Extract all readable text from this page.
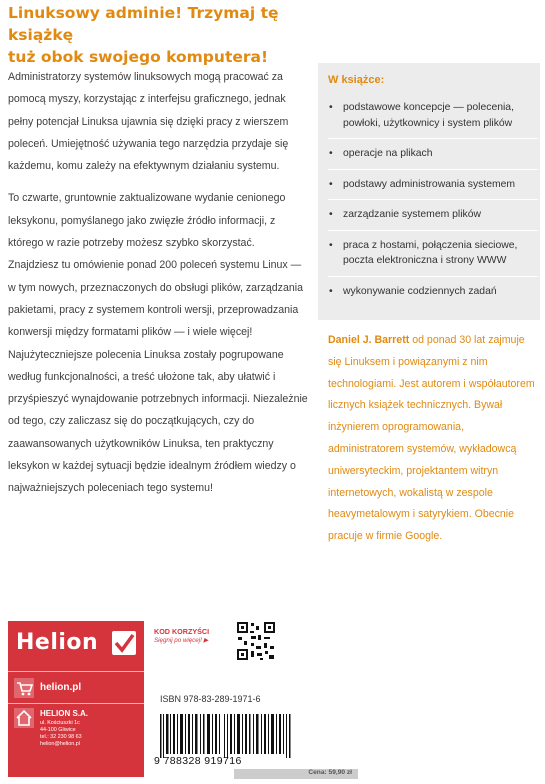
Linuksowy adminie! Trzymaj tę książkę
tuż obok swojego komputera!

Administratorzy systemów linuksowych mogą pracować za pomocą myszy, korzystając z interfejsu graficznego, jednak pełny potencjał Linuksa ujawnia się dzięki pracy z wierszem poleceń. Umiejętność używania tego narzędzia przydaje się każdemu, komu zależy na efektywnym działaniu systemu.

To czwarte, gruntownie zaktualizowane wydanie cenionego leksykonu, pomyślanego jako zwięzłe źródło informacji, z którego w razie potrzeby możesz szybko skorzystać. Znajdziesz tu omówienie ponad 200 poleceń systemu Linux — w tym nowych, przeznaczonych do obsługi plików, zarządzania pakietami, pracy z systemem kontroli wersji, przeprowadzania konwersji między formatami plików — i wiele więcej! Najużyteczniejsze polecenia Linuksa zostały pogrupowane według funkcjonalności, a treść ułożone tak, aby ułatwić i przyśpieszyć wynajdowanie potrzebnych informacji. Niezależnie od tego, czy zaliczasz się do początkujących, czy do zaawansowanych użytkowników Linuksa, ten praktyczny leksykon w każdej sytuacji będzie idealnym źródłem wiedzy o najważniejszych poleceniach tego systemu!

W książce:
• podstawowe koncepcje — polecenia, powłoki, użytkownicy i system plików
• operacje na plikach
• podstawy administrowania systemem
• zarządzanie systemem plików
• praca z hostami, połączenia sieciowe, poczta elektroniczna i strony WWW
• wykonywanie codziennych zadań
Daniel J. Barrett od ponad 30 lat zajmuje się Linuksem i powiązanymi z nim technologiami. Jest autorem i współautorem licznych książek technicznych. Bywał inżynierem oprogramowania, administratorem systemów, wykładowcą uniwersyteckim, projektantem witryn internetowych, wokalistą w zespole heavymetalowym i satyrykiem. Obecnie pracuje w firmie Google.
Helion
helion.pl
HELION S.A.
ul. Kościuszki 1c
44-100 Gliwice
tel.: 32 230 98 63
helion@helion.pl
KOD KORZYŚCI
Sięgnij po więcej! ▶
ISBN 978-83-289-1971-6
9 788328 919716
Cena: 59,90 zł
